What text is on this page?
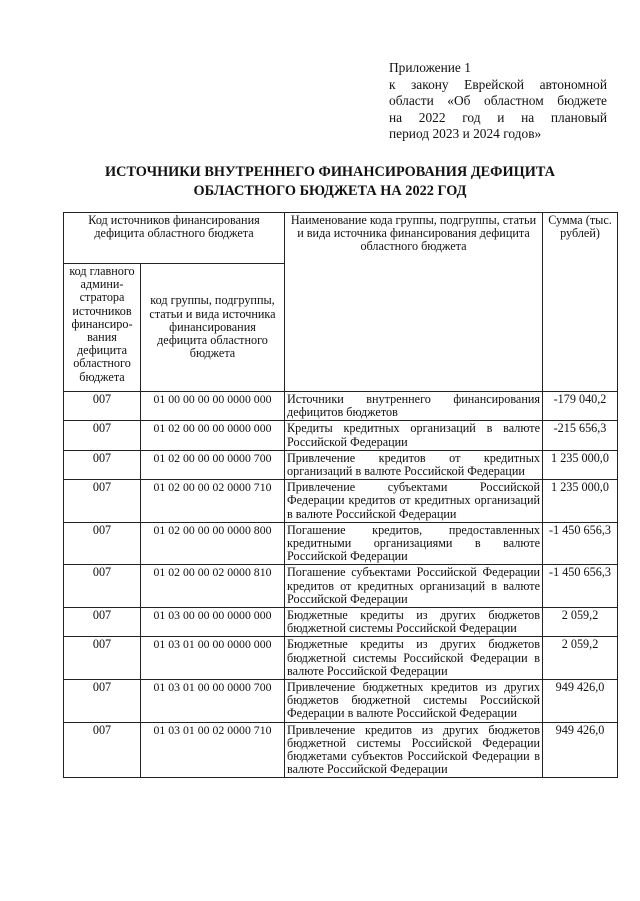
Приложение 1
к закону Еврейской автономной
области «Об областном бюджете
на 2022 год и на плановый
период 2023 и 2024 годов»
ИСТОЧНИКИ ВНУТРЕННЕГО ФИНАНСИРОВАНИЯ ДЕФИЦИТА
ОБЛАСТНОГО БЮДЖЕТА НА 2022 ГОД
Код источников финансирования дефицита областного бюджета		Наименование кода группы, подгруппы, статьи и вида источника финансирования дефицита областного бюджета	Сумма (тыс. рублей)
код главного админи-стратора источников финансиро-вания дефицита областного бюджета	код группы, подгруппы, статьи и вида источника финансирования дефицита областного бюджета		
007	01 00 00 00 00 0000 000	Источники внутреннего финансирования дефицитов бюджетов	-179 040,2
007	01 02 00 00 00 0000 000	Кредиты кредитных организаций в валюте Российской Федерации	-215 656,3
007	01 02 00 00 00 0000 700	Привлечение кредитов от кредитных организаций в валюте Российской Федерации	1 235 000,0
007	01 02 00 00 02 0000 710	Привлечение субъектами Российской Федерации кредитов от кредитных организаций в валюте Российской Федерации	1 235 000,0
007	01 02 00 00 00 0000 800	Погашение кредитов, предоставленных кредитными организациями в валюте Российской Федерации	-1 450 656,3
007	01 02 00 00 02 0000 810	Погашение субъектами Российской Федерации кредитов от кредитных организаций в валюте Российской Федерации	-1 450 656,3
007	01 03 00 00 00 0000 000	Бюджетные кредиты из других бюджетов бюджетной системы Российской Федерации	2 059,2
007	01 03 01 00 00 0000 000	Бюджетные кредиты из других бюджетов бюджетной системы Российской Федерации в валюте Российской Федерации	2 059,2
007	01 03 01 00 00 0000 700	Привлечение бюджетных кредитов из других бюджетов бюджетной системы Российской Федерации в валюте Российской Федерации	949 426,0
007	01 03 01 00 02 0000 710	Привлечение кредитов из других бюджетов бюджетной системы Российской Федерации бюджетами субъектов Российской Федерации в валюте Российской Федерации	949 426,0
